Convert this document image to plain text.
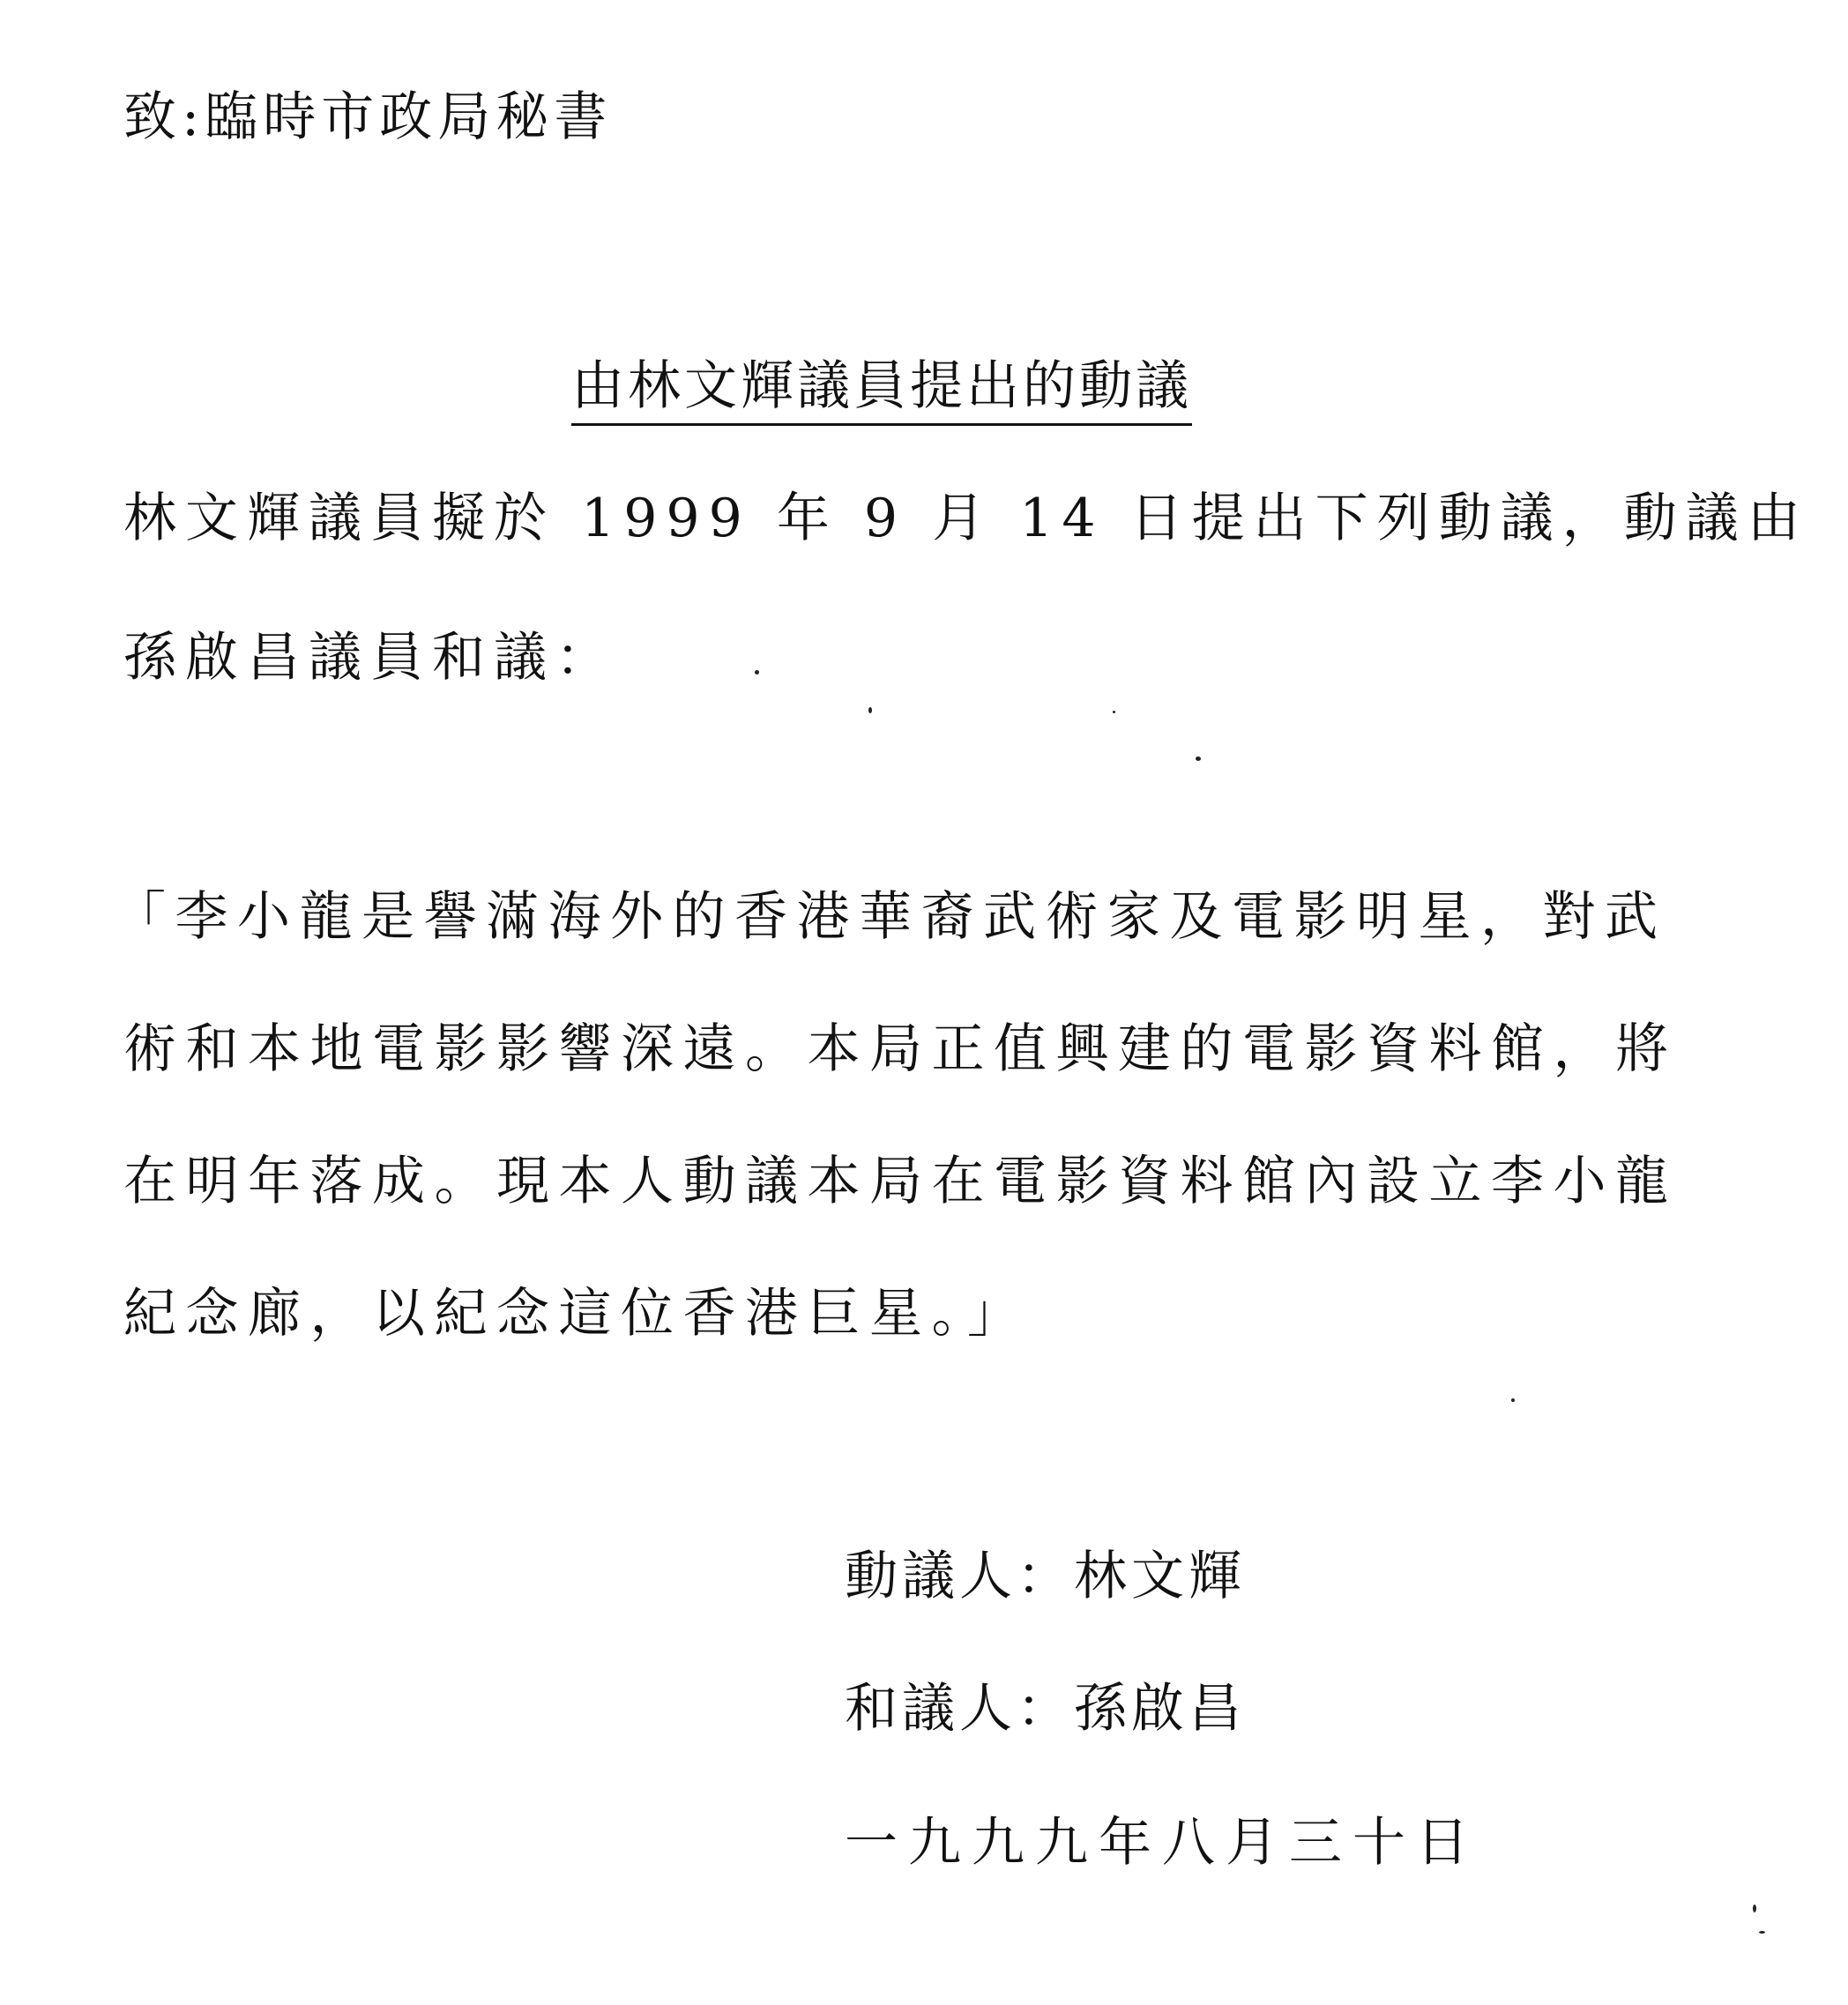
致:臨時市政局秘書
由林文輝議員提出的動議
林文輝議員擬於 1999 年 9 月 14 日提出下列動議，動議由
孫啟昌議員和議：
「李小龍是譽滿海外的香港華裔武術家及電影明星，對武
術和本地電影影響深遠。本局正值興建的電影資料館，將
在明年落成。現本人動議本局在電影資料館內設立李小龍
紀念廊，以紀念這位香港巨星。」
動議人：林文輝
和議人：孫啟昌
一九九九年八月三十日
